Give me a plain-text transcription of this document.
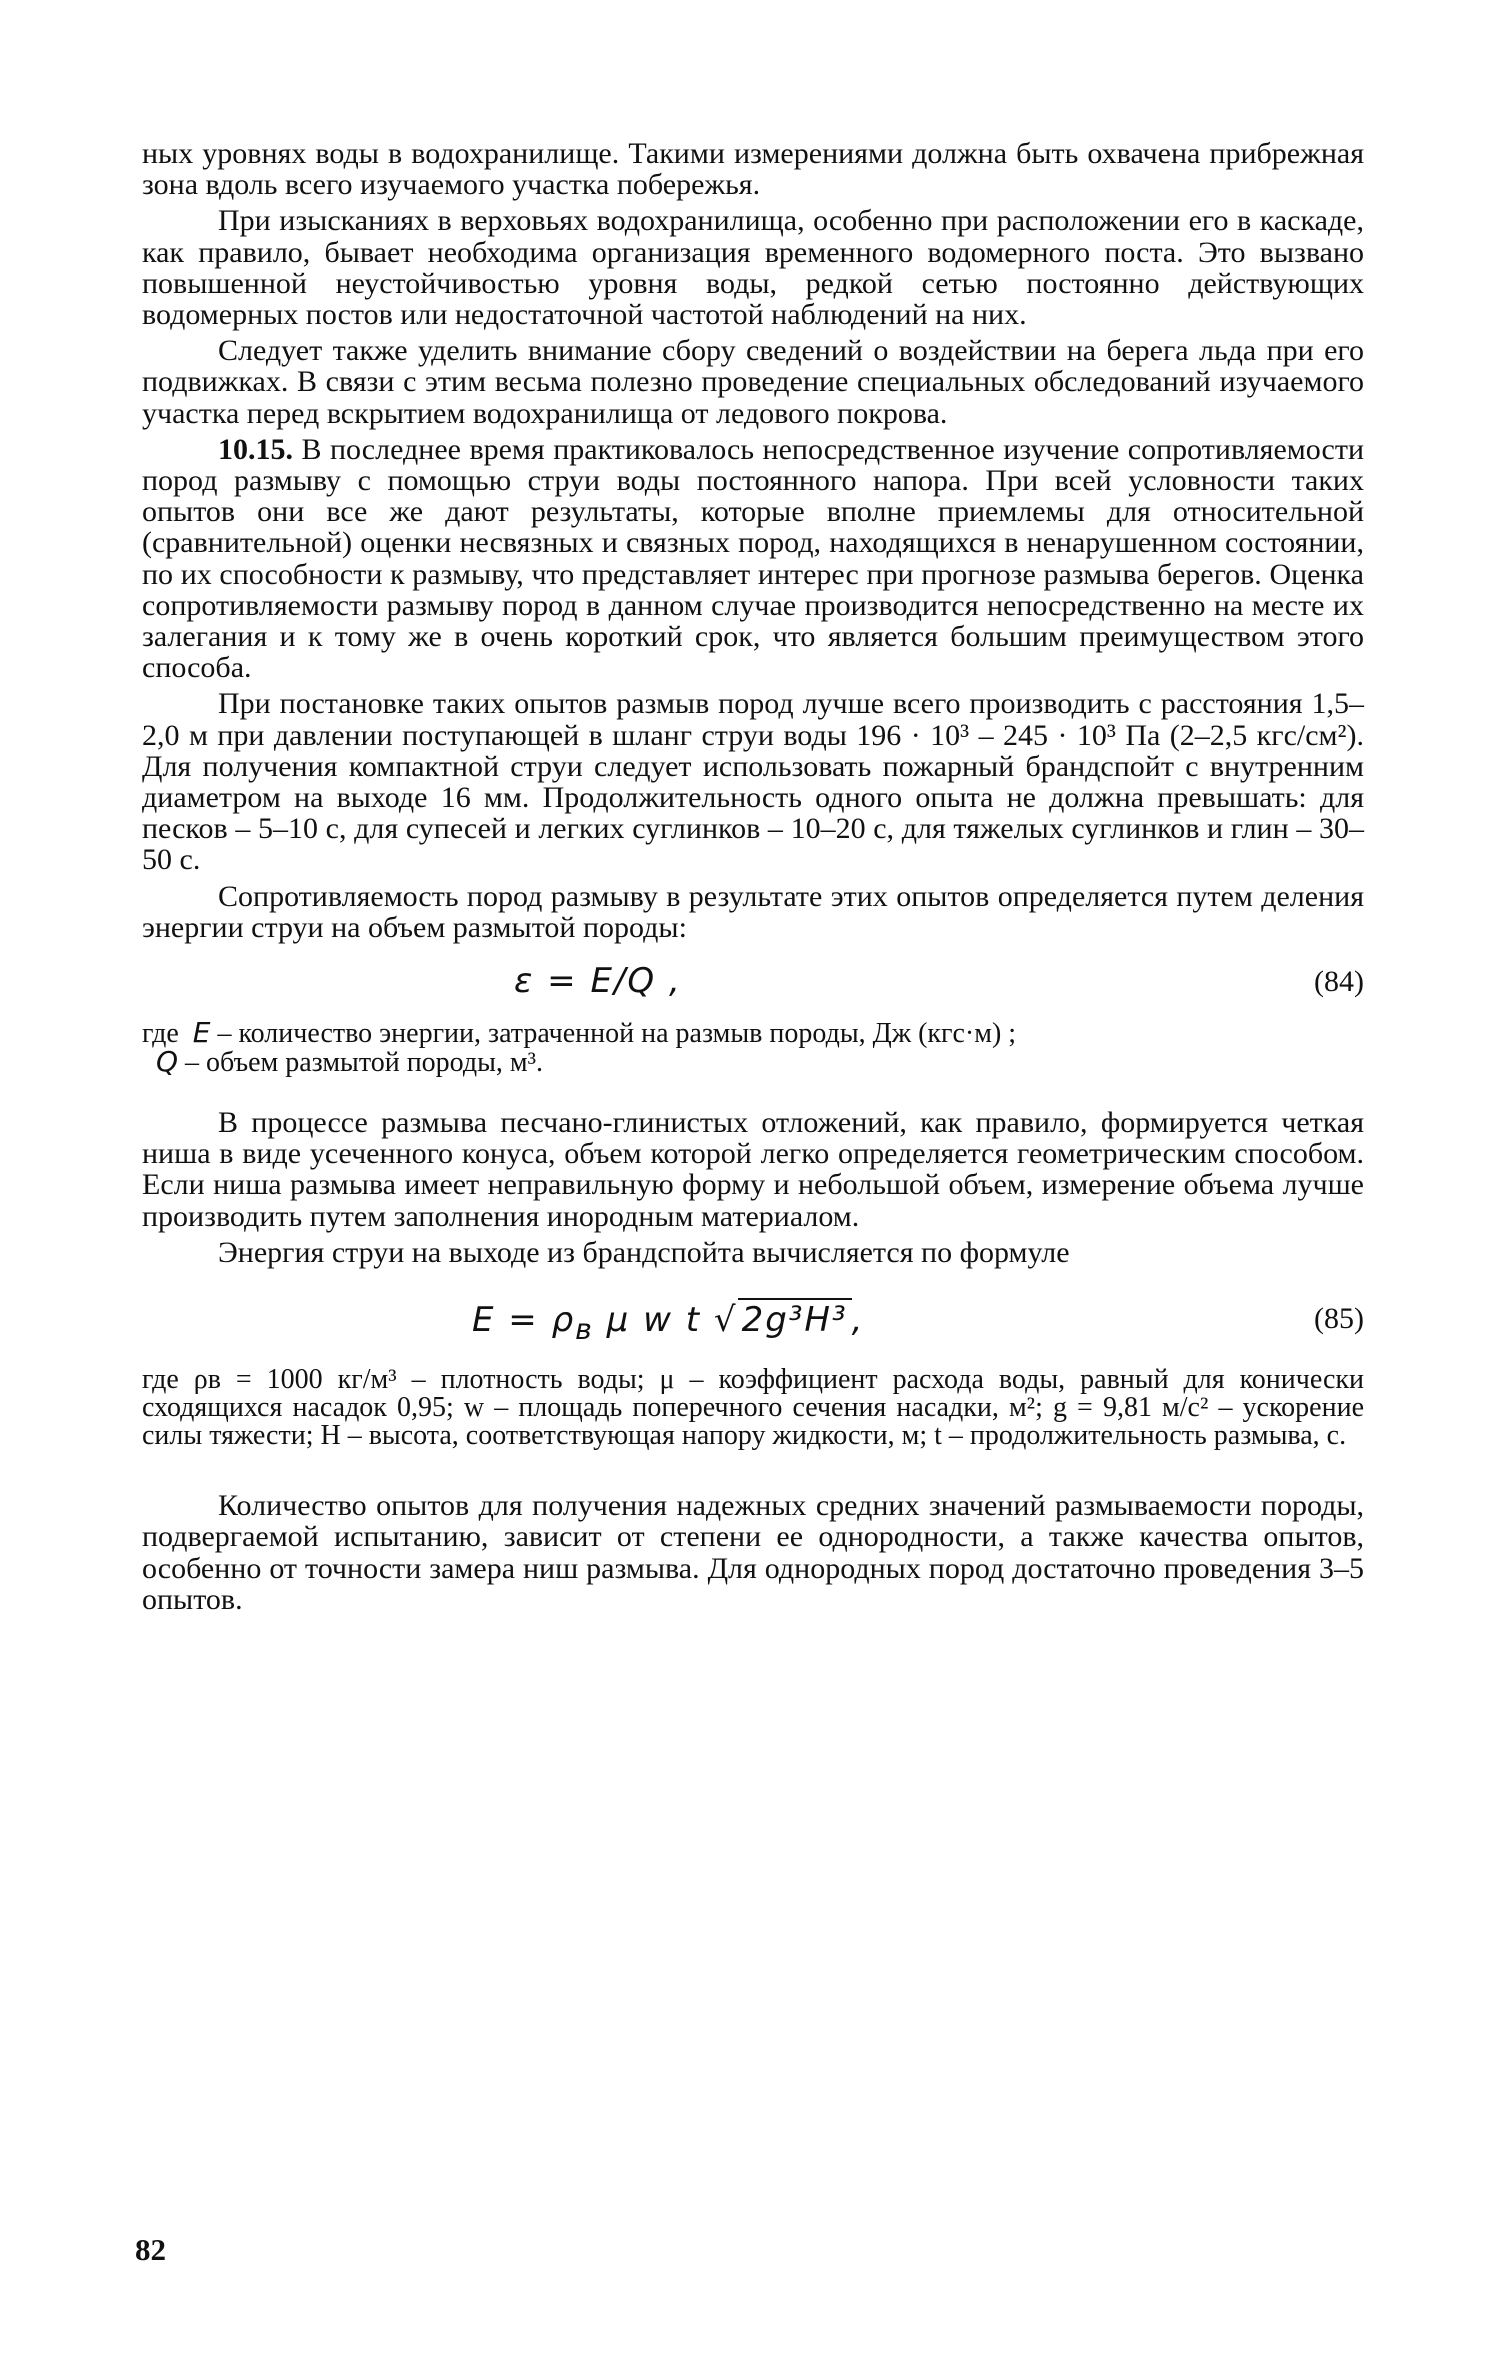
ных уровнях воды в водохранилище. Такими измерениями должна быть охвачена прибрежная зона вдоль всего изучаемого участка побережья.

При изысканиях в верховьях водохранилища, особенно при расположении его в каскаде, как правило, бывает необходима организация временного водомерного поста. Это вызвано повышенной неустойчивостью уровня воды, редкой сетью постоянно действующих водомерных постов или недостаточной частотой наблюдений на них.

Следует также уделить внимание сбору сведений о воздействии на берега льда при его подвижках. В связи с этим весьма полезно проведение специальных обследований изучаемого участка перед вскрытием водохранилища от ледового покрова.

10.15. В последнее время практиковалось непосредственное изучение сопротивляемости пород размыву с помощью струи воды постоянного напора. При всей условности таких опытов они все же дают результаты, которые вполне приемлемы для относительной (сравнительной) оценки несвязных и связных пород, находящихся в ненарушенном состоянии, по их способности к размыву, что представляет интерес при прогнозе размыва берегов. Оценка сопротивляемости размыву пород в данном случае производится непосредственно на месте их залегания и к тому же в очень короткий срок, что является большим преимуществом этого способа.

При постановке таких опытов размыв пород лучше всего производить с расстояния 1,5–2,0 м при давлении поступающей в шланг струи воды 196 · 10³ – 245 · 10³ Па (2–2,5 кгс/см²). Для получения компактной струи следует использовать пожарный брандспойт с внутренним диаметром на выходе 16 мм. Продолжительность одного опыта не должна превышать: для песков – 5–10 с, для супесей и легких суглинков – 10–20 с, для тяжелых суглинков и глин – 30–50 с.

Сопротивляемость пород размыву в результате этих опытов определяется путем деления энергии струи на объем размытой породы:

ε = E/Q ,	(84)
где E – количество энергии, затраченной на размыв породы, Дж (кгс·м) ;
Q – объем размытой породы, м³.

В процессе размыва песчано-глинистых отложений, как правило, формируется четкая ниша в виде усеченного конуса, объем которой легко определяется геометрическим способом. Если ниша размыва имеет неправильную форму и небольшой объем, измерение объема лучше производить путем заполнения инородным материалом.

Энергия струи на выходе из брандспойта вычисляется по формуле

$E = \rho_в$ μ w t √ 2g³H³ ,	(85)

где ρв = 1000 кг/м³ – плотность воды; μ – коэффициент расхода воды, равный для конически сходящихся насадок 0,95; w – площадь поперечного сечения насадки, м²; g = 9,81 м/с² – ускорение силы тяжести; H – высота, соответствующая напору жидкости, м; t – продолжительность размыва, с.

Количество опытов для получения надежных средних значений размываемости породы, подвергаемой испытанию, зависит от степени ее однородности, а также качества опытов, особенно от точности замера ниш размыва. Для однородных пород достаточно проведения 3–5 опытов.

82
